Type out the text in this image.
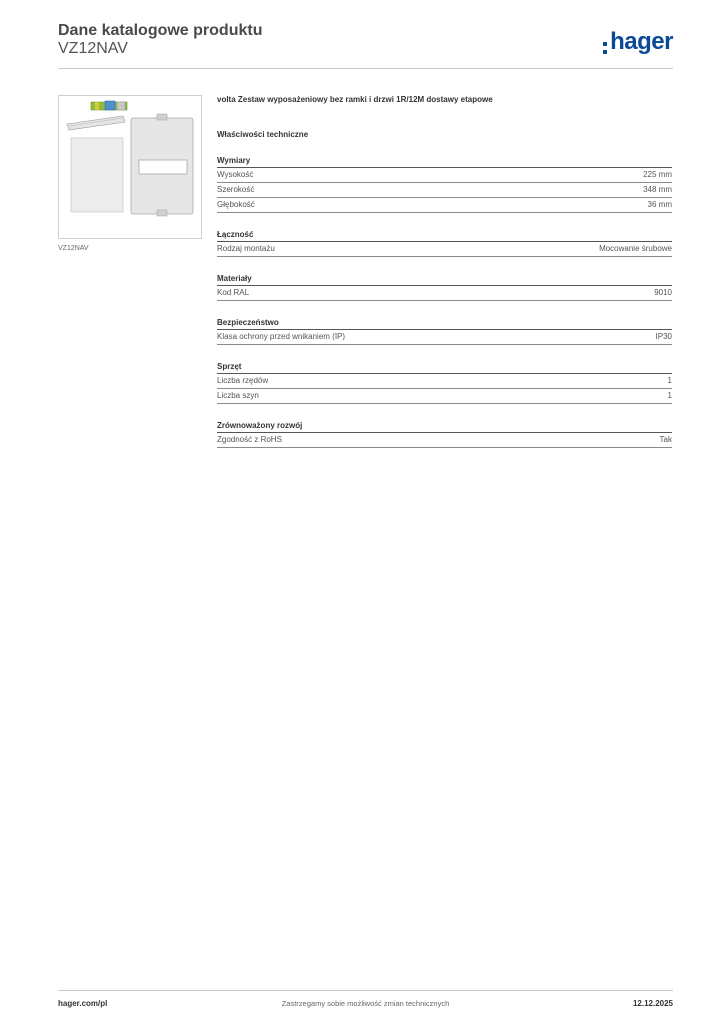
Dane katalogowe produktu
VZ12NAV	hager
VZ12NAV
volta Zestaw wyposażeniowy bez ramki i drzwi 1R/12M dostawy etapowe
Właściwości techniczne
Wymiary
Wysokość	225 mm
Szerokość	348 mm
Głębokość	36 mm
Łączność
Rodzaj montażu	Mocowanie śrubowe
Materiały
Kod RAL	9010
Bezpieczeństwo
Klasa ochrony przed wnikaniem (IP)	IP30
Sprzęt
Liczba rzędów	1
Liczba szyn	1
Zrównoważony rozwój
Zgodność z RoHS	Tak
hager.com/pl	Zastrzegamy sobie możliwość zmian technicznych	12.12.2025
